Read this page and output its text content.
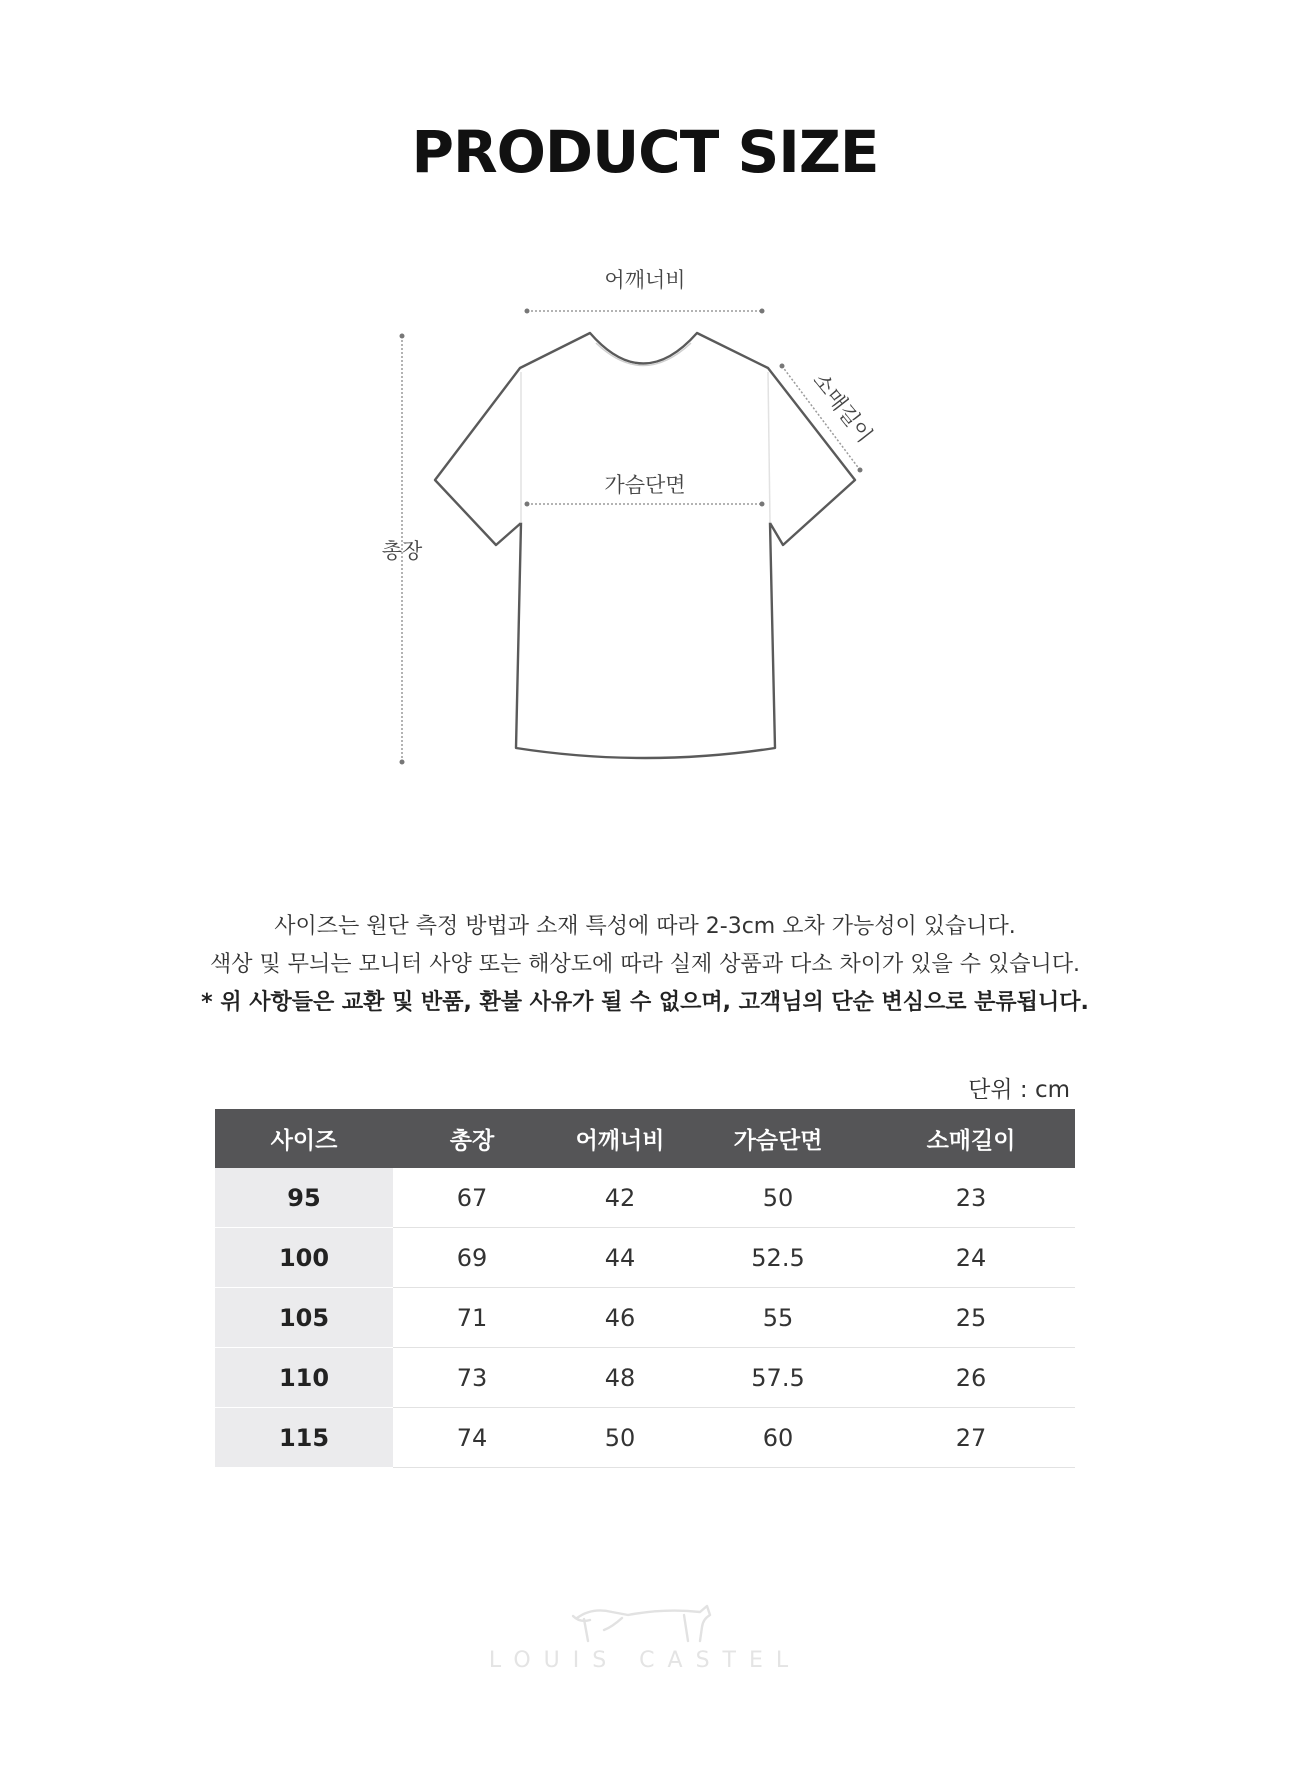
PRODUCT SIZE
어깨너비
가슴단면
소매길이
총장
사이즈는 원단 측정 방법과 소재 특성에 따라 2-3cm 오차 가능성이 있습니다.
색상 및 무늬는 모니터 사양 또는 해상도에 따라 실제 상품과 다소 차이가 있을 수 있습니다.
* 위 사항들은 교환 및 반품, 환불 사유가 될 수 없으며, 고객님의 단순 변심으로 분류됩니다.
단위 : cm
사이즈	총장	어깨너비	가슴단면	소매길이
95	67	42	50	23
100	69	44	52.5	24
105	71	46	55	25
110	73	48	57.5	26
115	74	50	60	27
LOUIS CASTEL
